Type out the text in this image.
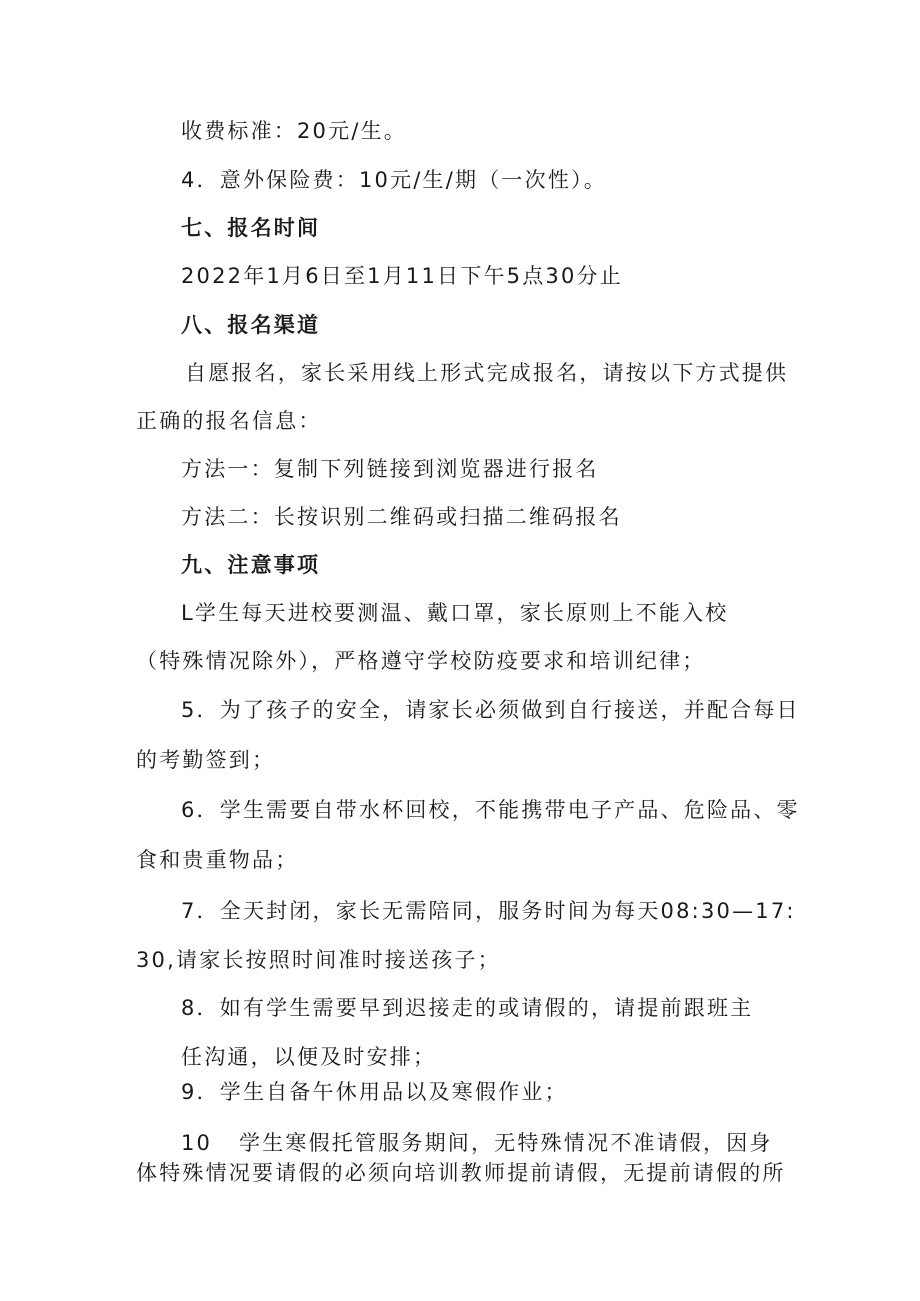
收费标准：20元/生。
4．意外保险费：10元/生/期（一次性）。
七、报名时间
2022年1月6日至1月11日下午5点30分止
八、报名渠道
自愿报名，家长采用线上形式完成报名，请按以下方式提供
正确的报名信息：
方法一：复制下列链接到浏览器进行报名
方法二：长按识别二维码或扫描二维码报名
九、注意事项
L学生每天进校要测温、戴口罩，家长原则上不能入校
（特殊情况除外），严格遵守学校防疫要求和培训纪律；
5．为了孩子的安全，请家长必须做到自行接送，并配合每日
的考勤签到；
6．学生需要自带水杯回校，不能携带电子产品、危险品、零
食和贵重物品；
7．全天封闭，家长无需陪同，服务时间为每天08:30—17:
30,请家长按照时间准时接送孩子；
8．如有学生需要早到迟接走的或请假的，请提前跟班主
任沟通，以便及时安排；
9．学生自备午休用品以及寒假作业；
10 学生寒假托管服务期间，无特殊情况不准请假，因身
体特殊情况要请假的必须向培训教师提前请假，无提前请假的所
